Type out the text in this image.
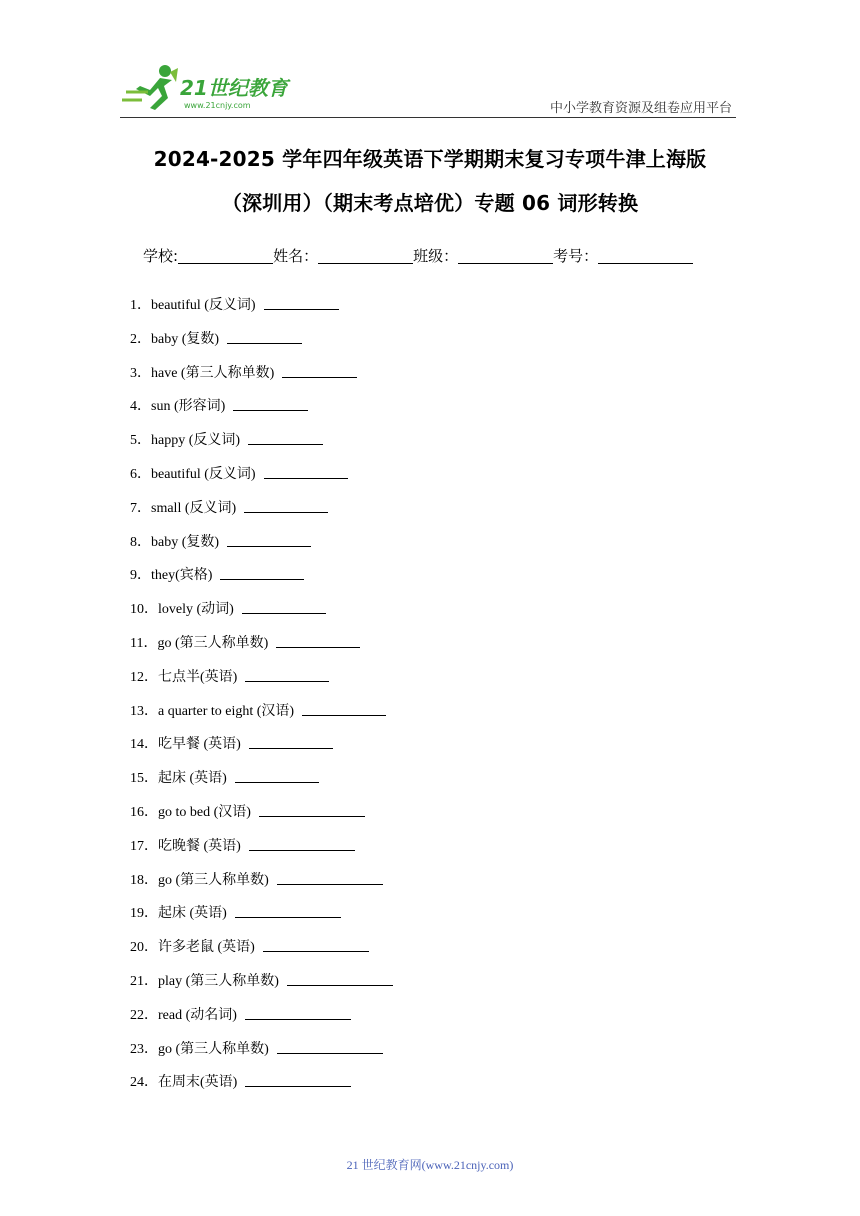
21世纪教育
www.21cnjy.com	中小学教育资源及组卷应用平台
2024-2025 学年四年级英语下学期期末复习专项牛津上海版
（深圳用）（期末考点培优）专题 06 词形转换
学校:	姓名：	班级：	考号：
1．beautiful (反义词)
2．baby (复数)
3．have (第三人称单数)
4．sun (形容词)
5．happy (反义词)
6．beautiful (反义词)
7．small (反义词)
8．baby (复数)
9．they(宾格)
10．lovely (动词)
11．go (第三人称单数)
12．七点半(英语)
13．a quarter to eight (汉语)
14．吃早餐 (英语)
15．起床 (英语)
16．go to bed (汉语)
17．吃晚餐 (英语)
18．go (第三人称单数)
19．起床 (英语)
20．许多老鼠 (英语)
21．play (第三人称单数)
22．read (动名词)
23．go (第三人称单数)
24．在周末(英语)
21 世纪教育网(www.21cnjy.com)
